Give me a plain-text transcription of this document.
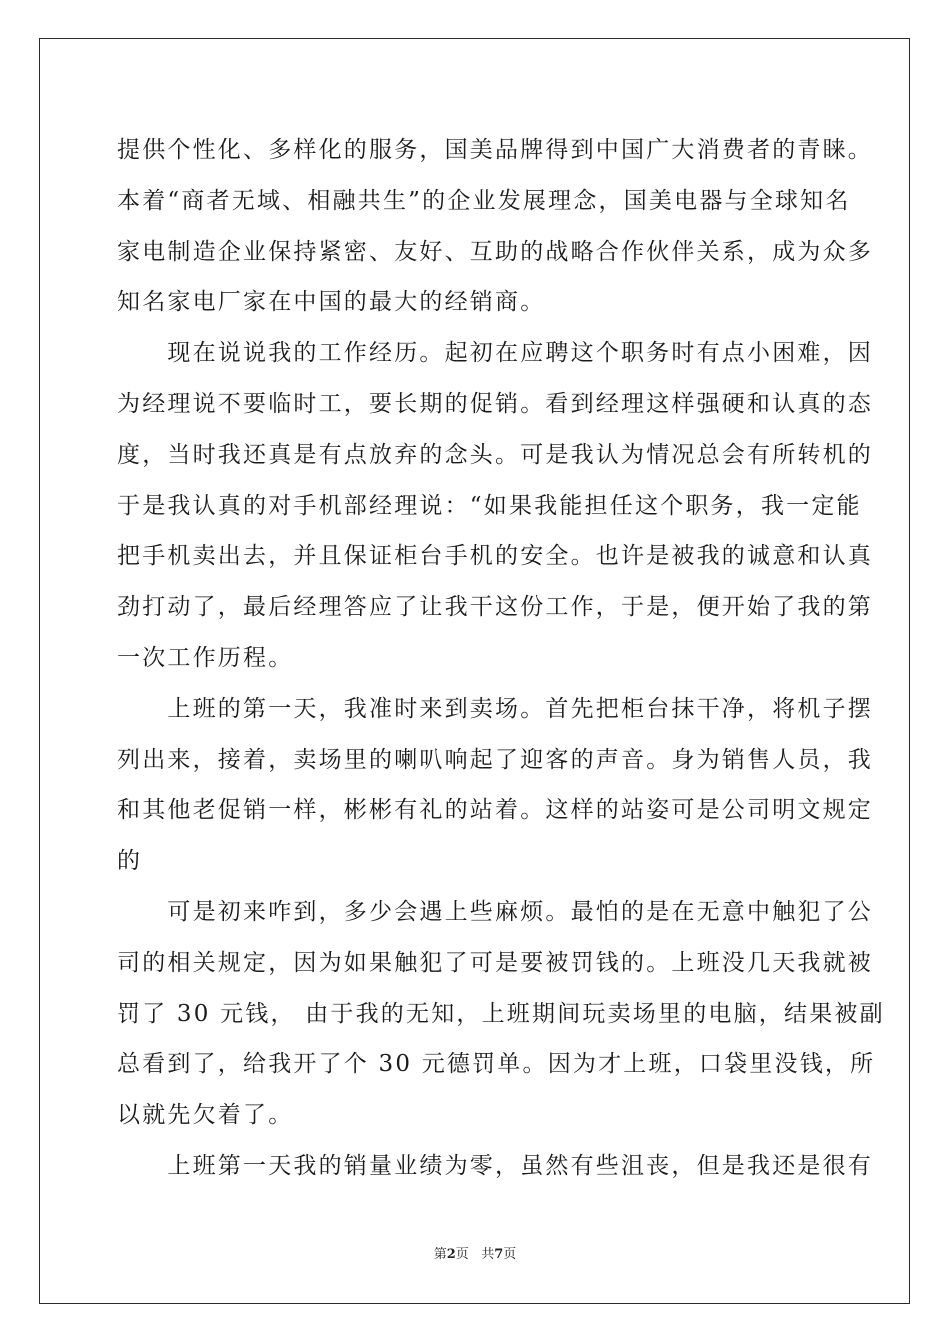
提供个性化、多样化的服务，国美品牌得到中国广大消费者的青睐。
本着“商者无域、相融共生”的企业发展理念，国美电器与全球知名
家电制造企业保持紧密、友好、互助的战略合作伙伴关系，成为众多
知名家电厂家在中国的最大的经销商。
　　现在说说我的工作经历。起初在应聘这个职务时有点小困难，因
为经理说不要临时工，要长期的促销。看到经理这样强硬和认真的态
度，当时我还真是有点放弃的念头。可是我认为情况总会有所转机的
于是我认真的对手机部经理说：“如果我能担任这个职务，我一定能
把手机卖出去，并且保证柜台手机的安全。也许是被我的诚意和认真
劲打动了，最后经理答应了让我干这份工作，于是，便开始了我的第
一次工作历程。
　　上班的第一天，我准时来到卖场。首先把柜台抹干净，将机子摆
列出来，接着，卖场里的喇叭响起了迎客的声音。身为销售人员，我
和其他老促销一样，彬彬有礼的站着。这样的站姿可是公司明文规定
的
　　可是初来咋到，多少会遇上些麻烦。最怕的是在无意中触犯了公
司的相关规定，因为如果触犯了可是要被罚钱的。上班没几天我就被
罚了 30 元钱， 由于我的无知，上班期间玩卖场里的电脑，结果被副
总看到了，给我开了个 30 元德罚单。因为才上班，口袋里没钱，所
以就先欠着了。
　　上班第一天我的销量业绩为零，虽然有些沮丧，但是我还是很有
第2页 共7页
